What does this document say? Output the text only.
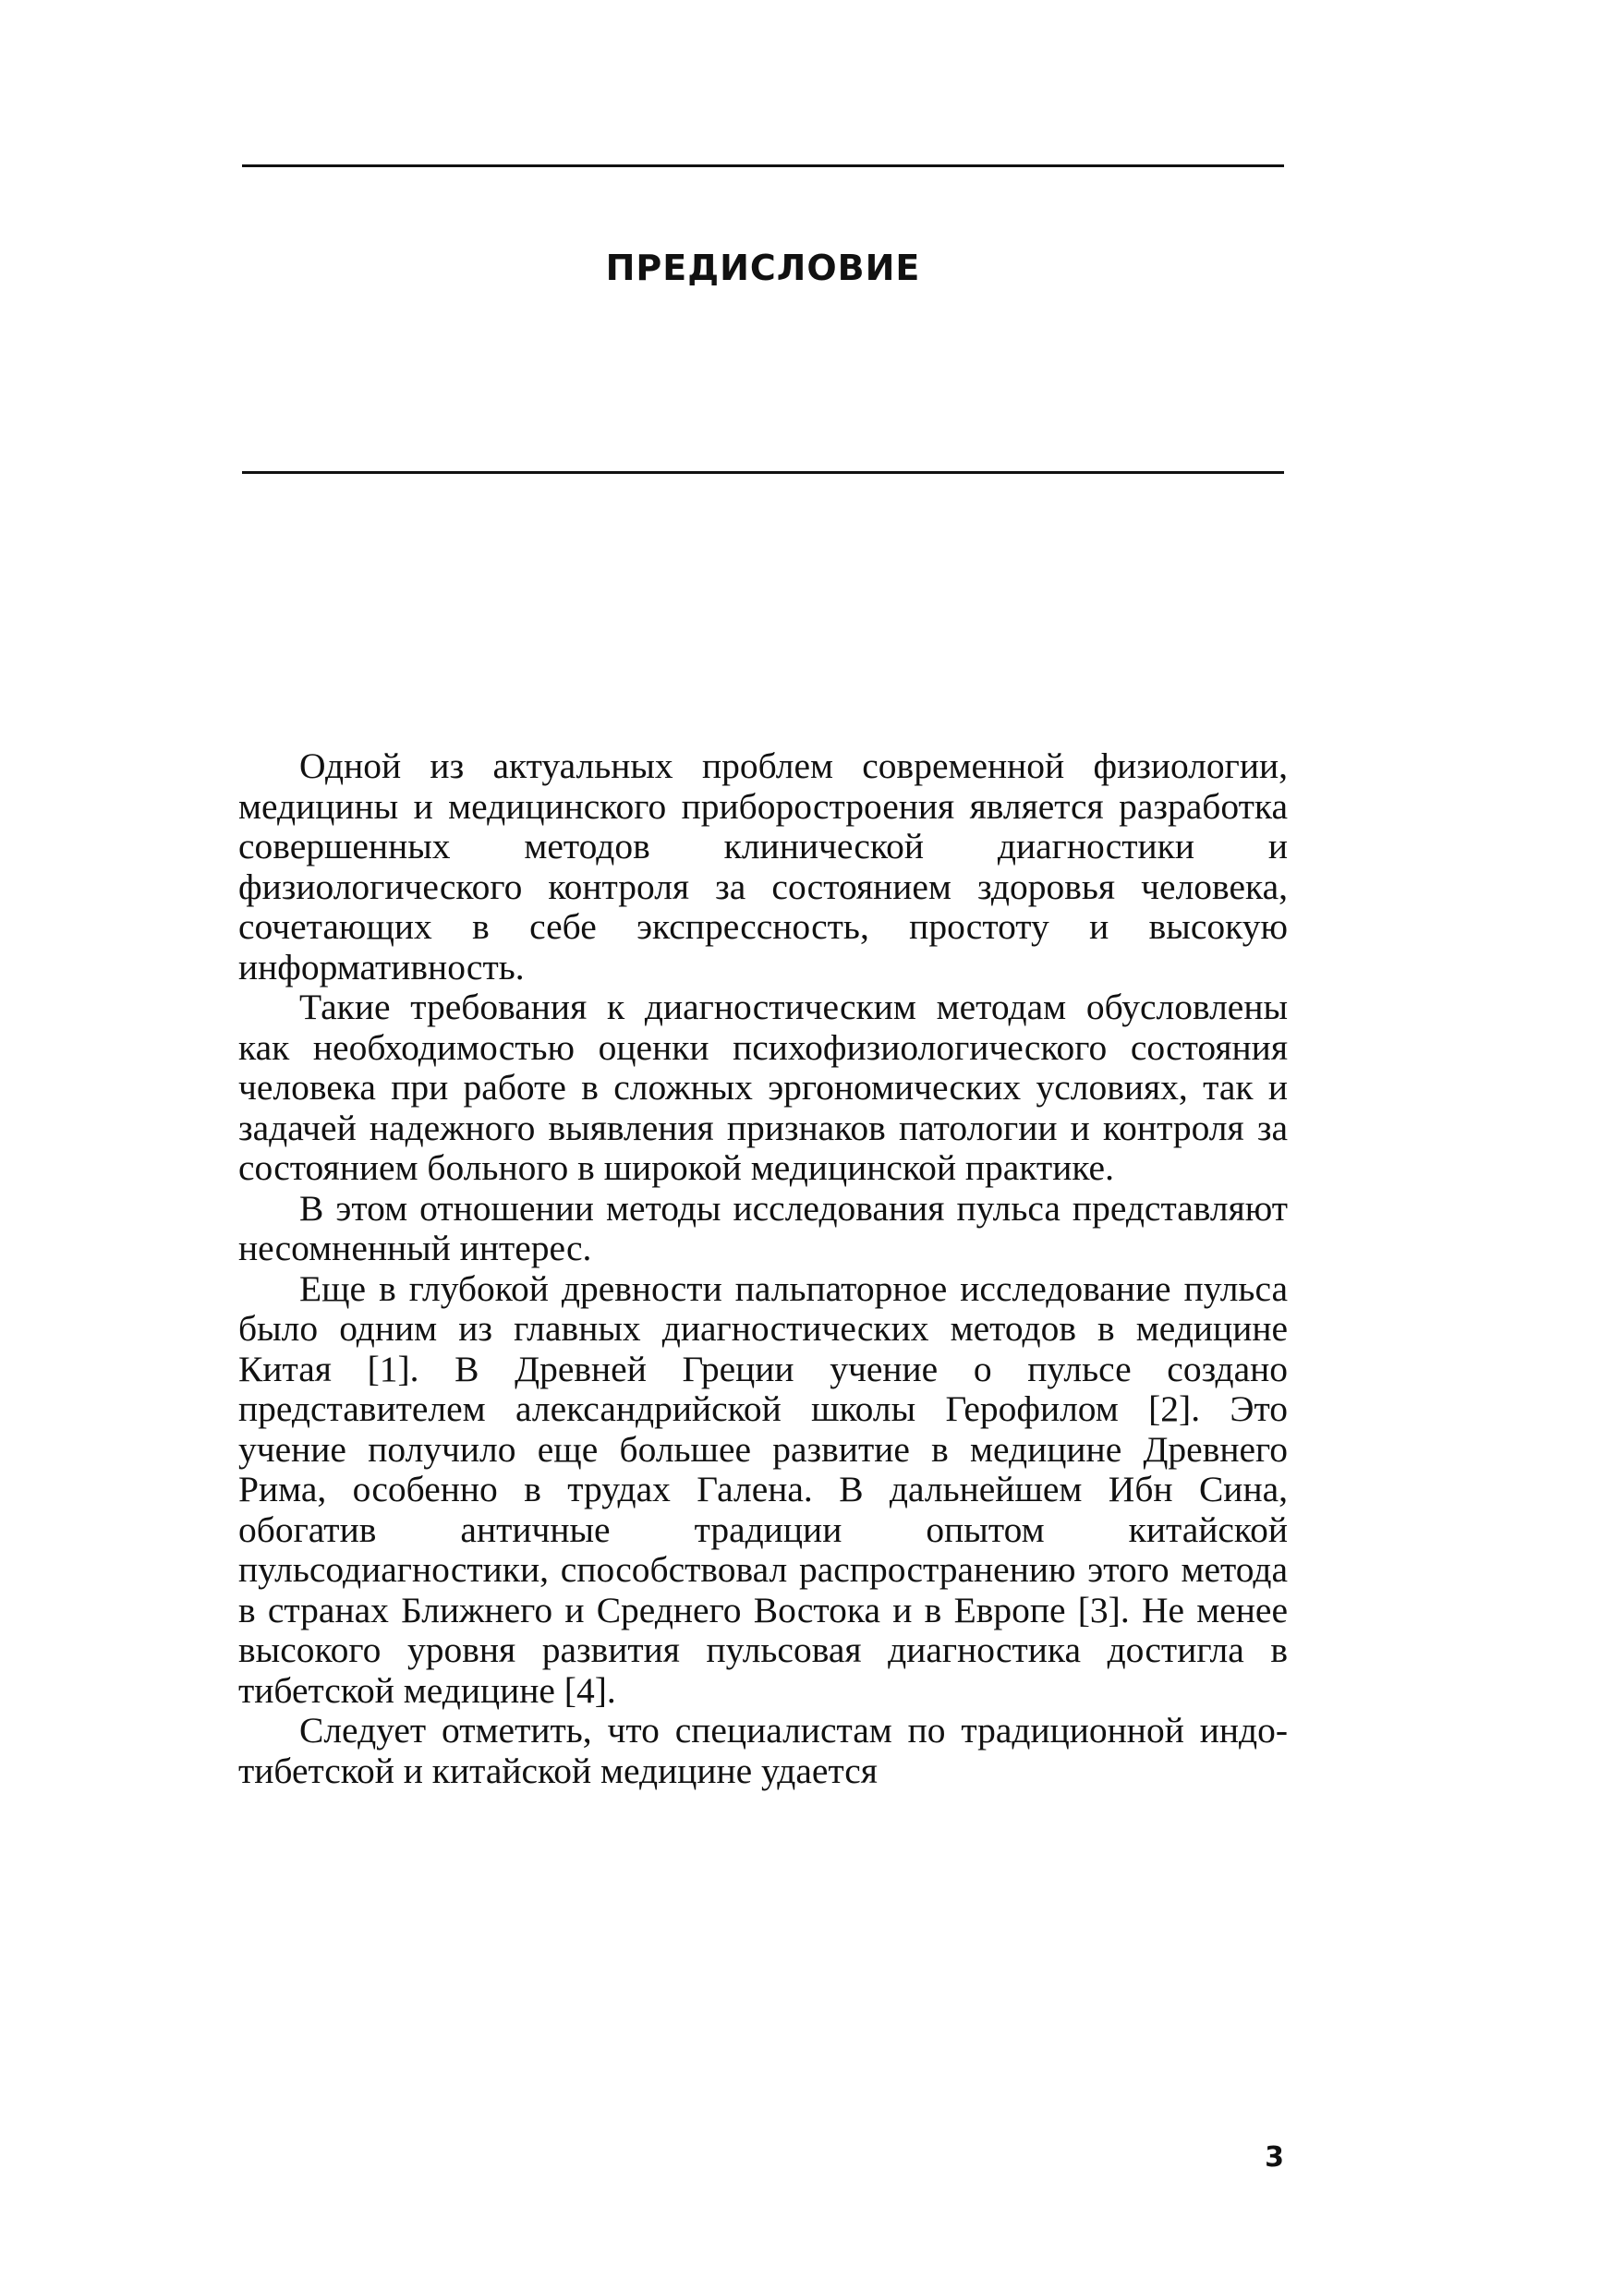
ПРЕДИСЛОВИЕ

Одной из актуальных проблем современной физиологии, медицины и медицинского приборостроения является разработка совершенных методов клинической диагностики и физиологического контроля за состоянием здоровья человека, сочетающих в себе экспрессность, простоту и высокую информативность.

Такие требования к диагностическим методам обусловлены как необходимостью оценки психофизиологического состояния человека при работе в сложных эргономических условиях, так и задачей надежного выявления признаков патологии и контроля за состоянием больного в широкой медицинской практике.

В этом отношении методы исследования пульса представляют несомненный интерес.

Еще в глубокой древности пальпаторное исследование пульса было одним из главных диагностических методов в медицине Китая [1]. В Древней Греции учение о пульсе создано представителем александрийской школы Герофилом [2]. Это учение получило еще большее развитие в медицине Древнего Рима, особенно в трудах Галена. В дальнейшем Ибн Сина, обогатив античные традиции опытом китайской пульсодиагностики, способствовал распространению этого метода в странах Ближнего и Среднего Востока и в Европе [3]. Не менее высокого уровня развития пульсовая диагностика достигла в тибетской медицине [4].

Следует отметить, что специалистам по традиционной индо-тибетской и китайской медицине удается

3
